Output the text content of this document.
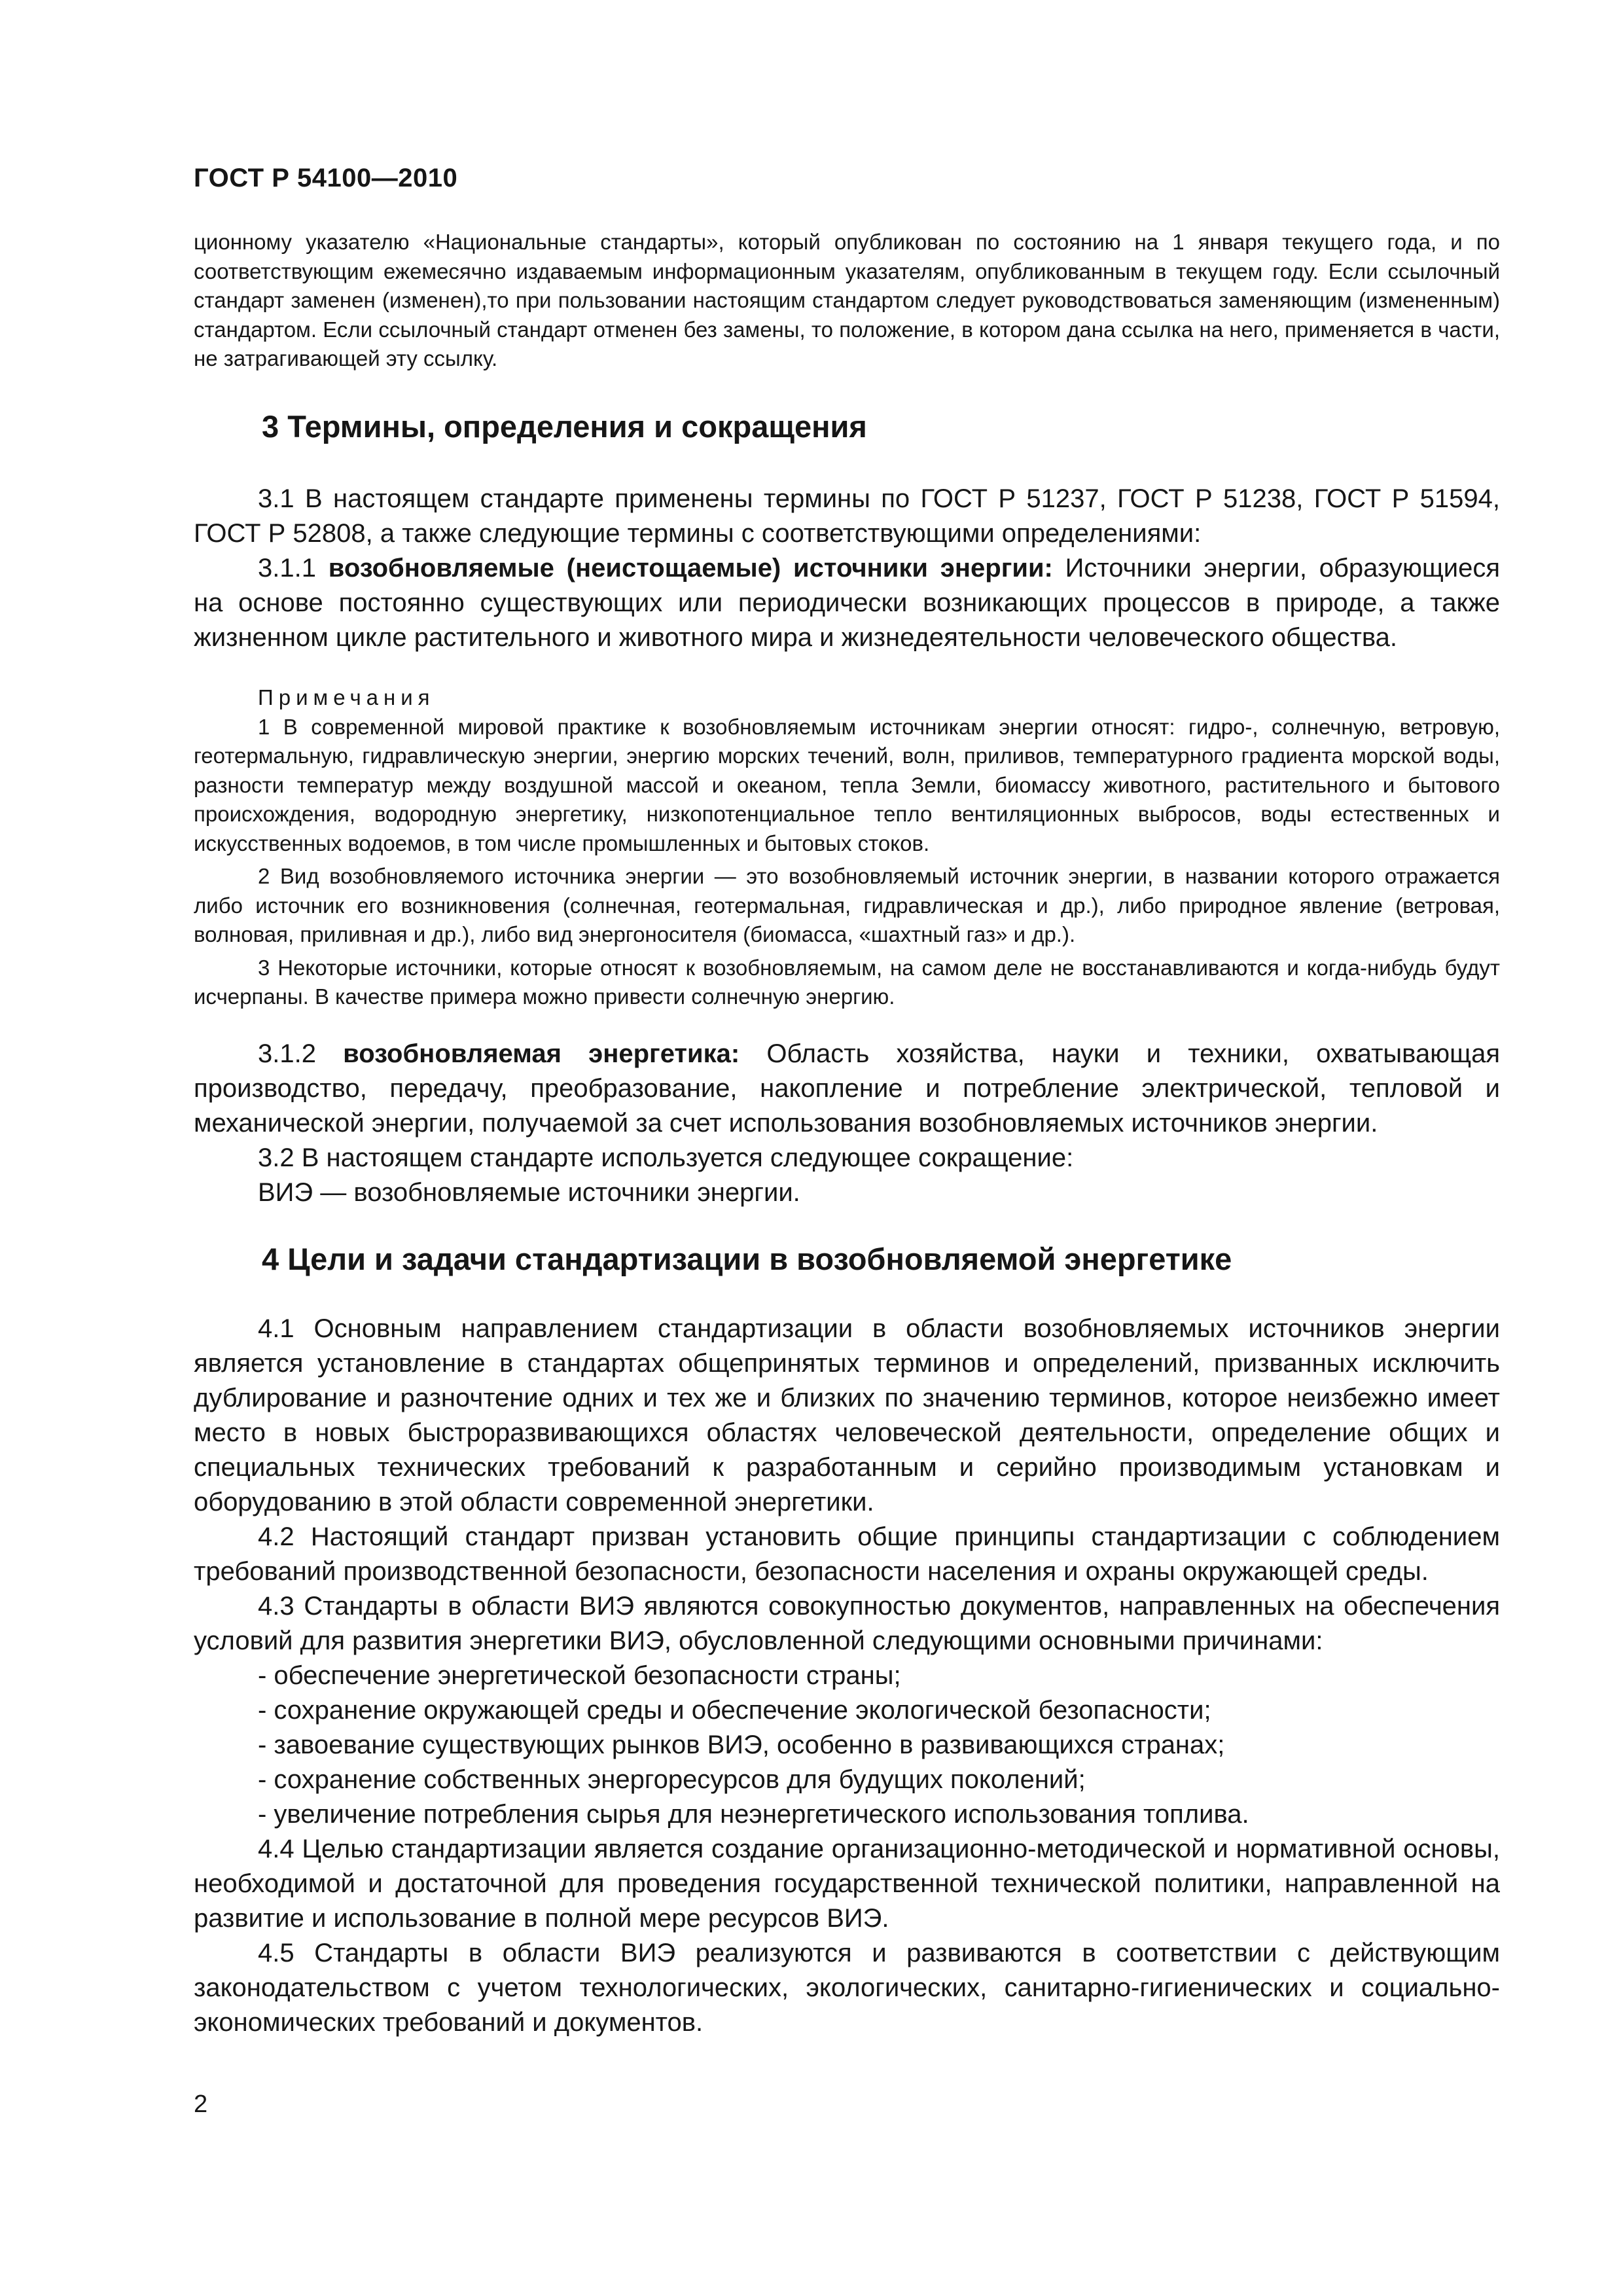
ГОСТ Р 54100—2010

ционному указателю «Национальные стандарты», который опубликован по состоянию на 1 января текущего года, и по соответствующим ежемесячно издаваемым информационным указателям, опубликованным в текущем году. Если ссылочный стандарт заменен (изменен),то при пользовании настоящим стандартом следует руководствоваться заменяющим (измененным) стандартом. Если ссылочный стандарт отменен без замены, то положение, в котором дана ссылка на него, применяется в части, не затрагивающей эту ссылку.

3 Термины, определения и сокращения

3.1 В настоящем стандарте применены термины по ГОСТ Р 51237, ГОСТ Р 51238, ГОСТ Р 51594, ГОСТ Р 52808, а также следующие термины с соответствующими определениями:

3.1.1 возобновляемые (неистощаемые) источники энергии: Источники энергии, образующиеся на основе постоянно существующих или периодически возникающих процессов в природе, а также жизненном цикле растительного и животного мира и жизнедеятельности человеческого общества.

Примечания

1 В современной мировой практике к возобновляемым источникам энергии относят: гидро-, солнечную, ветровую, геотермальную, гидравлическую энергии, энергию морских течений, волн, приливов, температурного градиента морской воды, разности температур между воздушной массой и океаном, тепла Земли, биомассу животного, растительного и бытового происхождения, водородную энергетику, низкопотенциальное тепло вентиляционных выбросов, воды естественных и искусственных водоемов, в том числе промышленных и бытовых стоков.

2 Вид возобновляемого источника энергии — это возобновляемый источник энергии, в названии которого отражается либо источник его возникновения (солнечная, геотермальная, гидравлическая и др.), либо природное явление (ветровая, волновая, приливная и др.), либо вид энергоносителя (биомасса, «шахтный газ» и др.).

3 Некоторые источники, которые относят к возобновляемым, на самом деле не восстанавливаются и когда-нибудь будут исчерпаны. В качестве примера можно привести солнечную энергию.

3.1.2 возобновляемая энергетика: Область хозяйства, науки и техники, охватывающая производство, передачу, преобразование, накопление и потребление электрической, тепловой и механической энергии, получаемой за счет использования возобновляемых источников энергии.

3.2 В настоящем стандарте используется следующее сокращение:

ВИЭ — возобновляемые источники энергии.

4 Цели и задачи стандартизации в возобновляемой энергетике

4.1 Основным направлением стандартизации в области возобновляемых источников энергии является установление в стандартах общепринятых терминов и определений, призванных исключить дублирование и разночтение одних и тех же и близких по значению терминов, которое неизбежно имеет место в новых быстроразвивающихся областях человеческой деятельности, определение общих и специальных технических требований к разработанным и серийно производимым установкам и оборудованию в этой области современной энергетики.

4.2 Настоящий стандарт призван установить общие принципы стандартизации с соблюдением требований производственной безопасности, безопасности населения и охраны окружающей среды.

4.3 Стандарты в области ВИЭ являются совокупностью документов, направленных на обеспечения условий для развития энергетики ВИЭ, обусловленной следующими основными причинами:

- обеспечение энергетической безопасности страны;

- сохранение окружающей среды и обеспечение экологической безопасности;

- завоевание существующих рынков ВИЭ, особенно в развивающихся странах;

- сохранение собственных энергоресурсов для будущих поколений;

- увеличение потребления сырья для неэнергетического использования топлива.

4.4 Целью стандартизации является создание организационно-методической и нормативной основы, необходимой и достаточной для проведения государственной технической политики, направленной на развитие и использование в полной мере ресурсов ВИЭ.

4.5 Стандарты в области ВИЭ реализуются и развиваются в соответствии с действующим законодательством с учетом технологических, экологических, санитарно-гигиенических и социально-экономических требований и документов.

2
